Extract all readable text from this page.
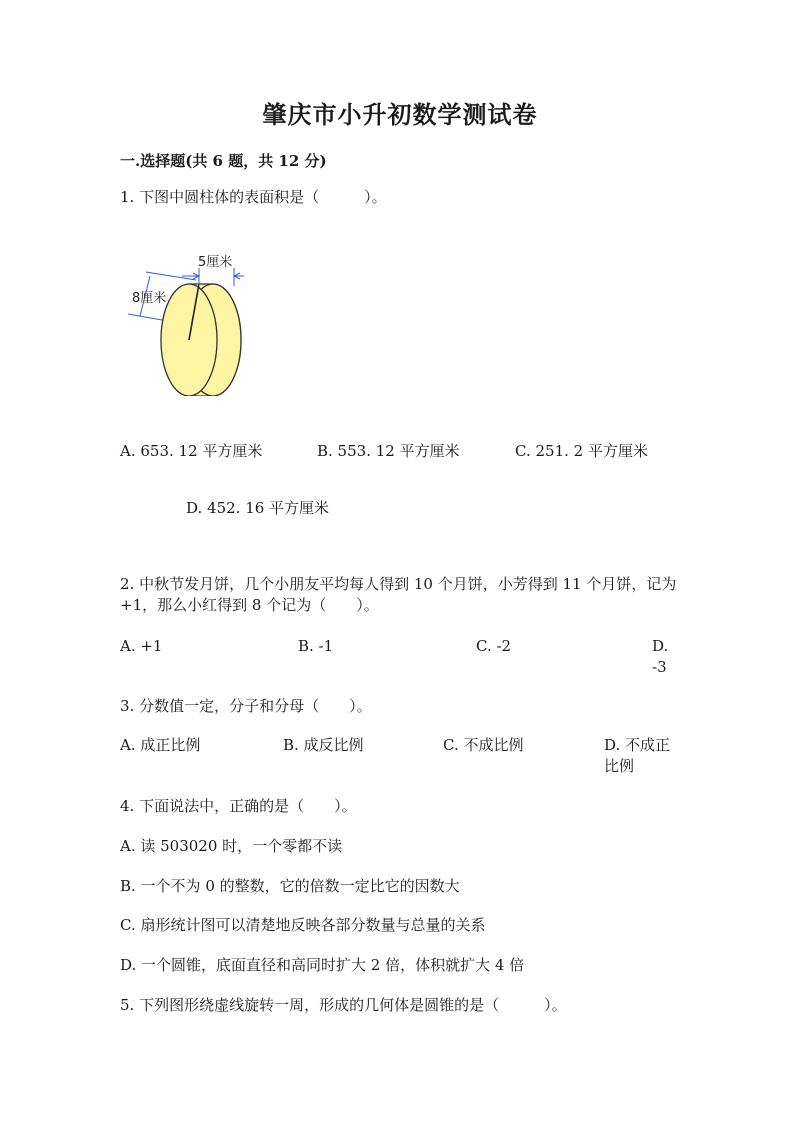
肇庆市小升初数学测试卷
一.选择题(共 6 题，共 12 分)
1. 下图中圆柱体的表面积是（　　　）。
5厘米
8厘米
A. 653. 12 平方厘米	B. 553. 12 平方厘米	C. 251. 2 平方厘米
D. 452. 16 平方厘米
2. 中秋节发月饼，几个小朋友平均每人得到 10 个月饼，小芳得到 11 个月饼，记为+1，那么小红得到 8 个记为（　　）。
A. +1	B. -1	C. -2	D. -3
3. 分数值一定，分子和分母（　　）。
A. 成正比例	B. 成反比例	C. 不成比例	D. 不成正比例
4. 下面说法中，正确的是（　　）。
A. 读 503020 时，一个零都不读
B. 一个不为 0 的整数，它的倍数一定比它的因数大
C. 扇形统计图可以清楚地反映各部分数量与总量的关系
D. 一个圆锥，底面直径和高同时扩大 2 倍，体积就扩大 4 倍
5. 下列图形绕虚线旋转一周，形成的几何体是圆锥的是（　　　）。
